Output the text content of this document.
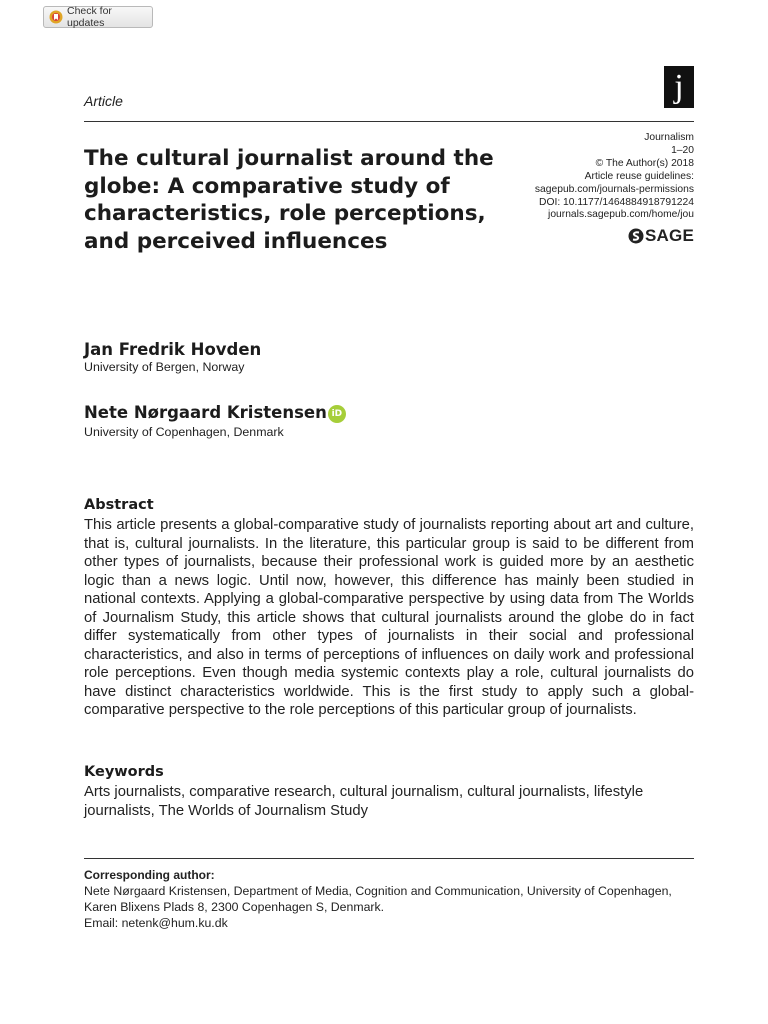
Check for updates
j
Article
The cultural journalist around the globe: A comparative study of characteristics, role perceptions, and perceived influences
Journalism
1–20
© The Author(s) 2018
Article reuse guidelines:
sagepub.com/journals-permissions
DOI: 10.1177/1464884918791224
journals.sagepub.com/home/jou
SAGE
Jan Fredrik Hovden
University of Bergen, Norway
Nete Nørgaard Kristensen iD
University of Copenhagen, Denmark
Abstract
This article presents a global-comparative study of journalists reporting about art and culture, that is, cultural journalists. In the literature, this particular group is said to be different from other types of journalists, because their professional work is guided more by an aesthetic logic than a news logic. Until now, however, this difference has mainly been studied in national contexts. Applying a global-comparative perspective by using data from The Worlds of Journalism Study, this article shows that cultural journalists around the globe do in fact differ systematically from other types of journalists in their social and professional characteristics, and also in terms of perceptions of influences on daily work and professional role perceptions. Even though media systemic contexts play a role, cultural journalists do have distinct characteristics worldwide. This is the first study to apply such a global-comparative perspective to the role perceptions of this particular group of journalists.
Keywords
Arts journalists, comparative research, cultural journalism, cultural journalists, lifestyle journalists, The Worlds of Journalism Study
Corresponding author:
Nete Nørgaard Kristensen, Department of Media, Cognition and Communication, University of Copenhagen, Karen Blixens Plads 8, 2300 Copenhagen S, Denmark.
Email: netenk@hum.ku.dk
